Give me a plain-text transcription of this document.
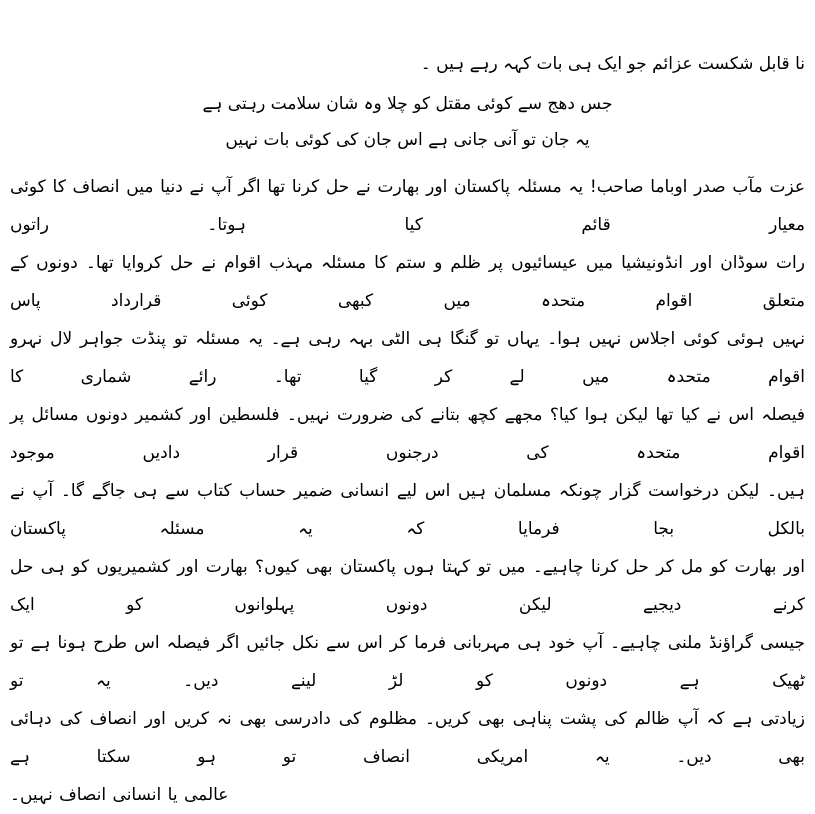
نا قابل شکست عزائم جو ایک ہی بات کہہ رہے ہیں ۔
جس دھج سے کوئی مقتل کو چلا وہ شان سلامت رہتی ہے
یہ جان تو آنی جانی ہے اس جان کی کوئی بات نہیں
عزت مآب صدر اوباما صاحب! یہ مسئلہ پاکستان اور بھارت نے حل کرنا تھا اگر آپ نے دنیا میں انصاف کا کوئی معیار قائم کیا ہوتا۔ راتوں
رات سوڈان اور انڈونیشیا میں عیسائیوں پر ظلم و ستم کا مسئلہ مہذب اقوام نے حل کروایا تھا۔ دونوں کے متعلق اقوام متحدہ میں کبھی کوئی قرارداد پاس
نہیں ہوئی کوئی اجلاس نہیں ہوا۔ یہاں تو گنگا ہی الٹی بہہ رہی ہے۔ یہ مسئلہ تو پنڈت جواہر لال نہرو اقوام متحدہ میں لے کر گیا تھا۔ رائے شماری کا
فیصلہ اس نے کیا تھا لیکن ہوا کیا؟ مجھے کچھ بتانے کی ضرورت نہیں۔ فلسطین اور کشمیر دونوں مسائل پر اقوام متحدہ کی درجنوں قرار دادیں موجود
ہیں۔ لیکن درخواست گزار چونکہ مسلمان ہیں اس لیے انسانی ضمیر حساب کتاب سے ہی جاگے گا۔ آپ نے بالکل بجا فرمایا کہ یہ مسئلہ پاکستان
اور بھارت کو مل کر حل کرنا چاہیے۔ میں تو کہتا ہوں پاکستان بھی کیوں؟ بھارت اور کشمیریوں کو ہی حل کرنے دیجیے لیکن دونوں پہلوانوں کو ایک
جیسی گراؤنڈ ملنی چاہیے۔ آپ خود ہی مہربانی فرما کر اس سے نکل جائیں اگر فیصلہ اس طرح ہونا ہے تو ٹھیک ہے دونوں کو لڑ لینے دیں۔ یہ تو
زیادتی ہے کہ آپ ظالم کی پشت پناہی بھی کریں۔ مظلوم کی دادرسی بھی نہ کریں اور انصاف کی دہائی بھی دیں۔ یہ امریکی انصاف تو ہو سکتا ہے
عالمی یا انسانی انصاف نہیں۔
